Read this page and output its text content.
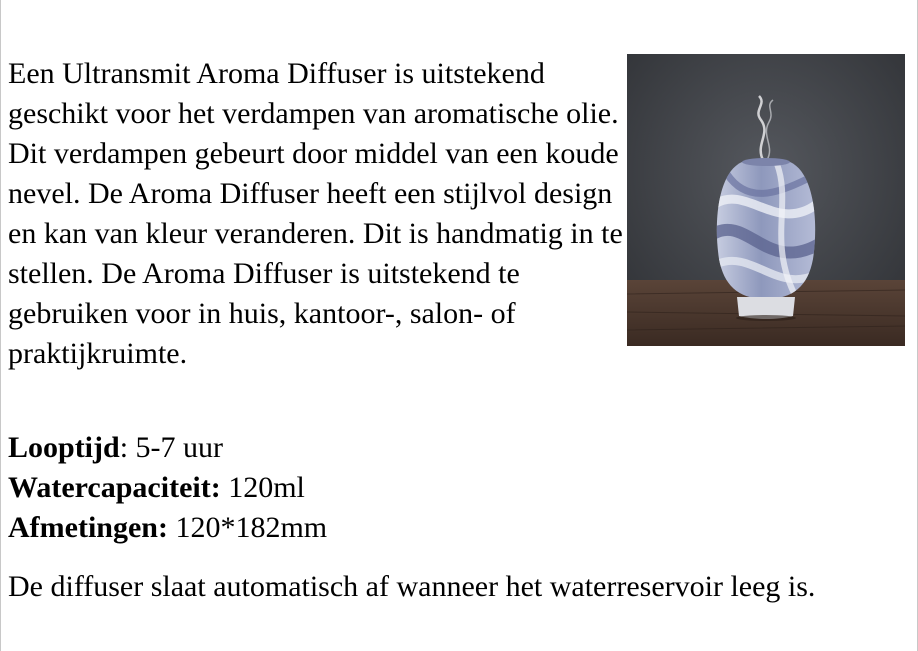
Een Ultransmit Aroma Diffuser is uitstekend geschikt voor het verdampen van aromatische olie. Dit verdampen gebeurt door middel van een koude nevel. De Aroma Diffuser heeft een stijlvol design en kan van kleur veranderen. Dit is handmatig in te stellen. De Aroma Diffuser is uitstekend te gebruiken voor in huis, kantoor-, salon- of praktijkruimte.

Looptijd: 5-7 uur
Watercapaciteit: 120ml
Afmetingen: 120*182mm

De diffuser slaat automatisch af wanneer het waterreservoir leeg is.
